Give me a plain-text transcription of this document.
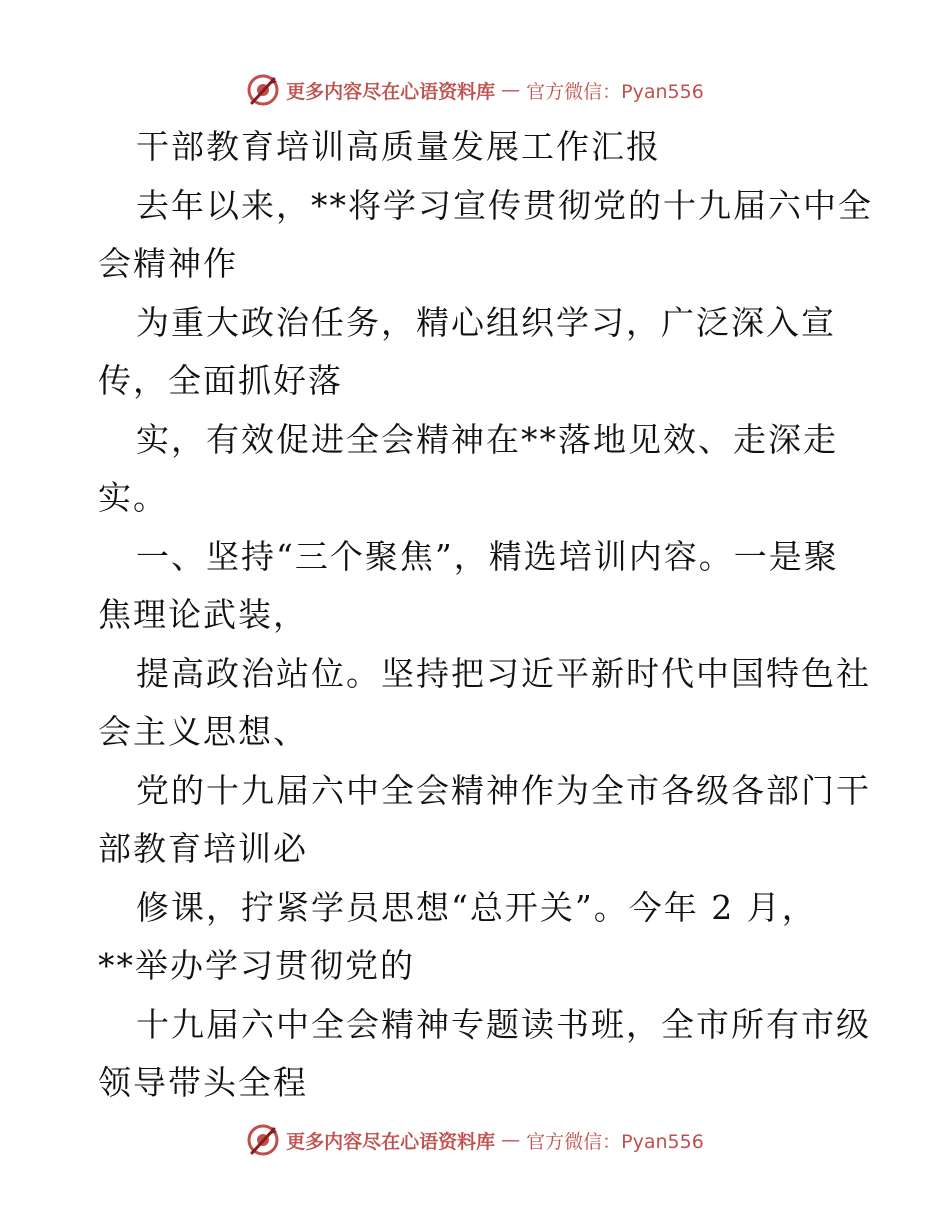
更多内容尽在心语资料库 — 官方微信：Pyan556
干部教育培训高质量发展工作汇报
去年以来，**将学习宣传贯彻党的十九届六中全
会精神作
为重大政治任务，精心组织学习，广泛深入宣
传，全面抓好落
实，有效促进全会精神在**落地见效、走深走
实。
一、坚持“三个聚焦”，精选培训内容。一是聚
焦理论武装，
提高政治站位。坚持把习近平新时代中国特色社
会主义思想、
党的十九届六中全会精神作为全市各级各部门干
部教育培训必
修课，拧紧学员思想“总开关”。今年 2 月，
**举办学习贯彻党的
十九届六中全会精神专题读书班，全市所有市级
领导带头全程
更多内容尽在心语资料库 — 官方微信：Pyan556
